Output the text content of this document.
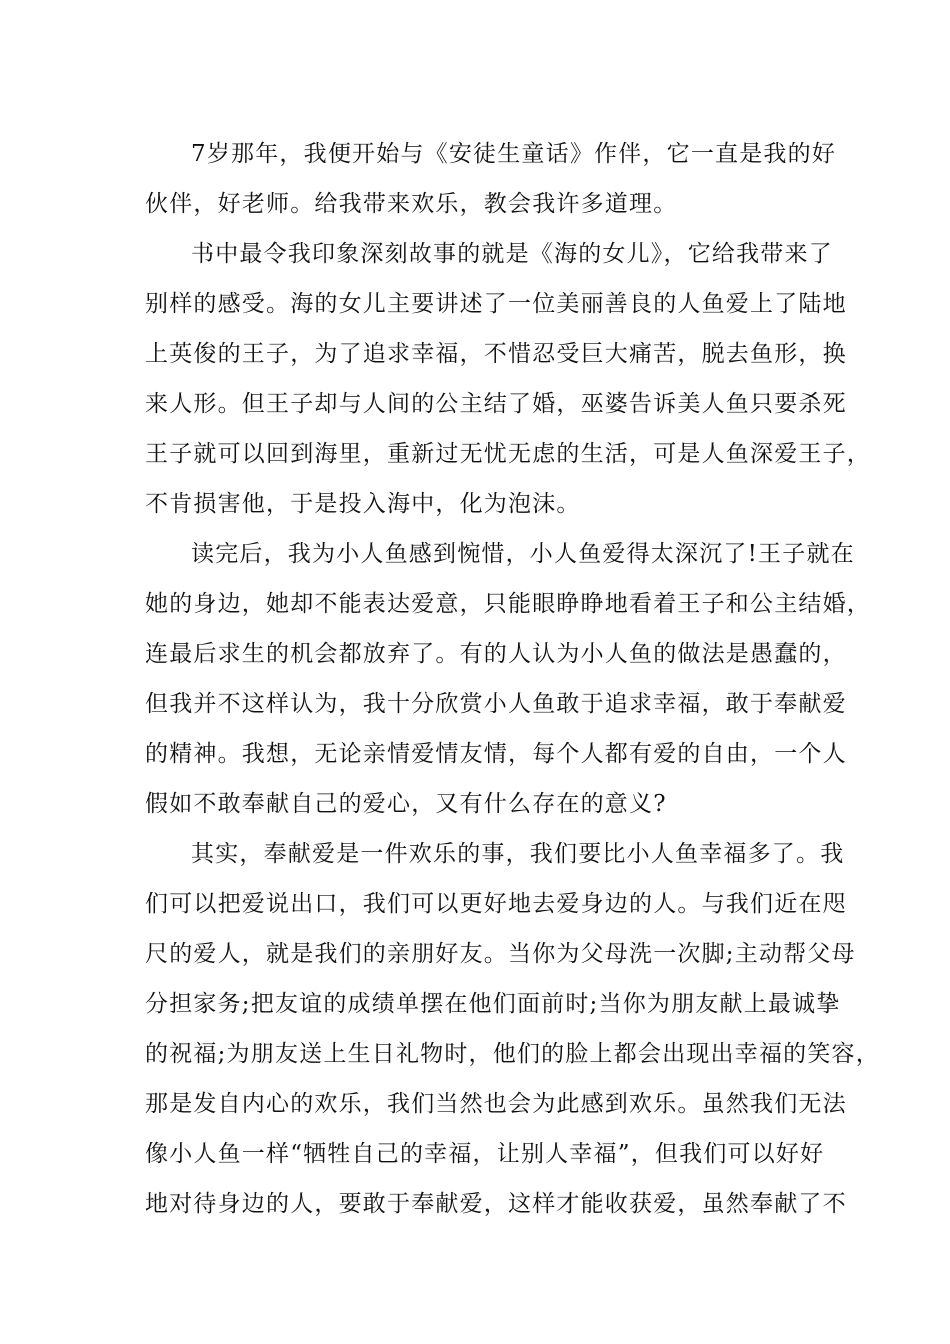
7岁那年，我便开始与《安徒生童话》作伴，它一直是我的好
伙伴，好老师。给我带来欢乐，教会我许多道理。
书中最令我印象深刻故事的就是《海的女儿》，它给我带来了
别样的感受。海的女儿主要讲述了一位美丽善良的人鱼爱上了陆地
上英俊的王子，为了追求幸福，不惜忍受巨大痛苦，脱去鱼形，换
来人形。但王子却与人间的公主结了婚，巫婆告诉美人鱼只要杀死
王子就可以回到海里，重新过无忧无虑的生活，可是人鱼深爱王子，
不肯损害他，于是投入海中，化为泡沫。
读完后，我为小人鱼感到惋惜，小人鱼爱得太深沉了!王子就在
她的身边，她却不能表达爱意，只能眼睁睁地看着王子和公主结婚，
连最后求生的机会都放弃了。有的人认为小人鱼的做法是愚蠢的，
但我并不这样认为，我十分欣赏小人鱼敢于追求幸福，敢于奉献爱
的精神。我想，无论亲情爱情友情，每个人都有爱的自由，一个人
假如不敢奉献自己的爱心，又有什么存在的意义?
其实，奉献爱是一件欢乐的事，我们要比小人鱼幸福多了。我
们可以把爱说出口，我们可以更好地去爱身边的人。与我们近在咫
尺的爱人，就是我们的亲朋好友。当你为父母洗一次脚;主动帮父母
分担家务;把友谊的成绩单摆在他们面前时;当你为朋友献上最诚挚
的祝福;为朋友送上生日礼物时，他们的脸上都会出现出幸福的笑容，
那是发自内心的欢乐，我们当然也会为此感到欢乐。虽然我们无法
像小人鱼一样“牺牲自己的幸福，让别人幸福”，但我们可以好好
地对待身边的人，要敢于奉献爱，这样才能收获爱，虽然奉献了不
